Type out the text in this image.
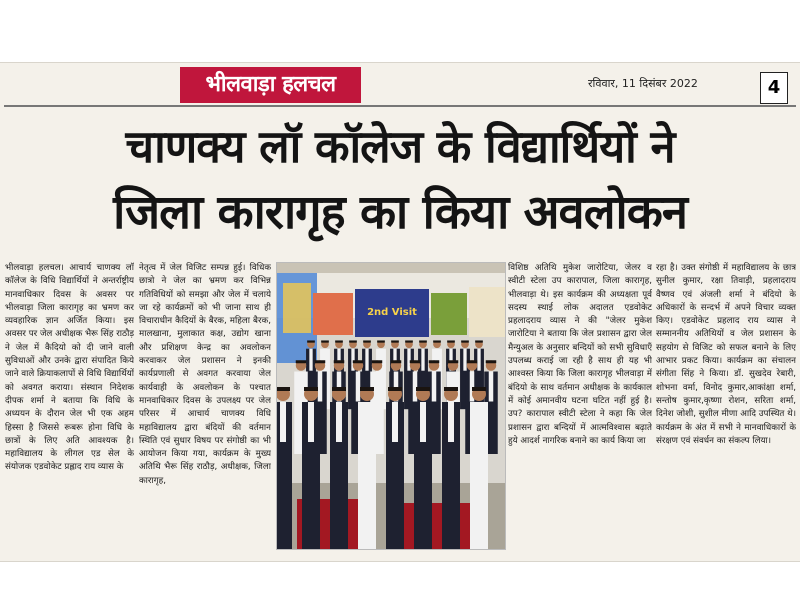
भीलवाड़ा हलचल	रविवार, 11 दिसंबर 2022	4
चाणक्य लॉ कॉलेज के विद्यार्थियों ने
जिला कारागृह का किया अवलोकन
भीलवाड़ा हलचल। आचार्य चाणक्य लॉ कॉलेज के विधि विद्यार्थियों ने अन्तर्राष्ट्रीय मानवाधिकार दिवस के अवसर पर भीलवाड़ा जिला कारागृह का भ्रमण कर व्यवहारिक ज्ञान अर्जित किया। इस अवसर पर जेल अधीक्षक भैरू सिंह राठौड़ ने जेल में कैदियो को दी जाने वाली सुविधाओं और उनके द्वारा संपादित किये जाने वाले क्रियाकलापों से विधि विद्यार्थियों को अवगत कराया। संस्थान निदेशक दीपक शर्मा ने बताया कि विधि के अध्ययन के दौरान जेल भी एक अहम हिस्सा है जिससे रूबरू होना विधि के छात्रों के लिए अति आवश्यक है। महाविद्यालय के लीगल एड सेल के संयोजक एडवोकेट प्रह्लाद राय व्यास के
नेतृत्व में जेल विजिट सम्पन्न हुई। विधिक छात्रो ने जेल का भ्रमण कर विभिन्न गतिविधियों को समझा और जेल में चलाये जा रहे कार्यक्रमों को भी जाना साथ ही विचाराधीन कैदियों के बैरक, महिला बैरक, मालखाना, मुलाकात कक्ष, उद्योग खाना और प्रशिक्षण केन्द्र का अवलोकन करवाकर जेल प्रशासन ने इनकी कार्यप्रणाली से अवगत करवाया जेल कार्यवाही के अवलोकन के पश्चात मानवाधिकार दिवस के उपलक्ष्य पर जेल परिसर में आचार्य चाणक्य विधि महाविद्यालय द्वारा बंदियों की वर्तमान स्थिति एवं सुधार विषय पर संगोष्ठी का भी आयोजन किया गया, कार्यक्रम के मुख्य अतिथि भैरू सिंह राठौड़, अधीक्षक, जिला कारागृह,
2nd Visit
विशिष्ठ अतिथि मुकेश जारोटिया, जेलर व स्वीटी स्टेला उप कारापाल, जिला कारागृह, भीलवाड़ा थे। इस कार्यक्रम की अध्यक्षता पूर्व सदस्य स्थाई लोक अदालत एडवोकेट प्रहलादराय व्यास ने की "जेलर मुकेश जारोटिया ने बताया कि जेल प्रशासन द्वारा जेल मैन्युअल के अनुसार बन्दियों को सभी सुविधाएँ उपलब्ध कराई जा रही है साथ ही यह भी आश्वस्त किया कि जिला कारागृह भीलवाड़ा में बंदियो के साथ वर्तमान अधीक्षक के कार्यकाल में कोई अमानवीय घटना घटित नहीं हुई है। उप? कारापाल स्वीटी स्टेला ने कहा कि जेल प्रशासन द्वारा बन्दियों में आत्मविश्वास बढ़ाते हुये आदर्श नागरिक बनाने का कार्य किया जा
रहा है। उक्त संगोष्ठी में महाविद्यालय के छात्र सुनील कुमार, रक्षा तिवाड़ी, प्रहलादराय वैष्णव एवं अंजली शर्मा ने बंदियो के अधिकारों के सन्दर्भ में अपने विचार व्यक्त किए। एडवोकेट प्रहलाद राय व्यास ने सम्माननीय अतिथियों व जेल प्रशासन के सहयोग से विजिट को सफल बनाने के लिए आभार प्रकट किया। कार्यक्रम का संचालन संगीता सिंह ने किया। डॉ. सुखदेव रेबारी, शोभना वर्मा, विनोद कुमार,आकांक्षा शर्मा, सन्तोष कुमार,कृष्णा रोशन, सरिता शर्मा, दिनेश जोशी, सुशील मीणा आदि उपस्थित थे। कार्यक्रम के अंत में सभी ने मानवाधिकारों के संरक्षण एवं संवर्धन का संकल्प लिया।
